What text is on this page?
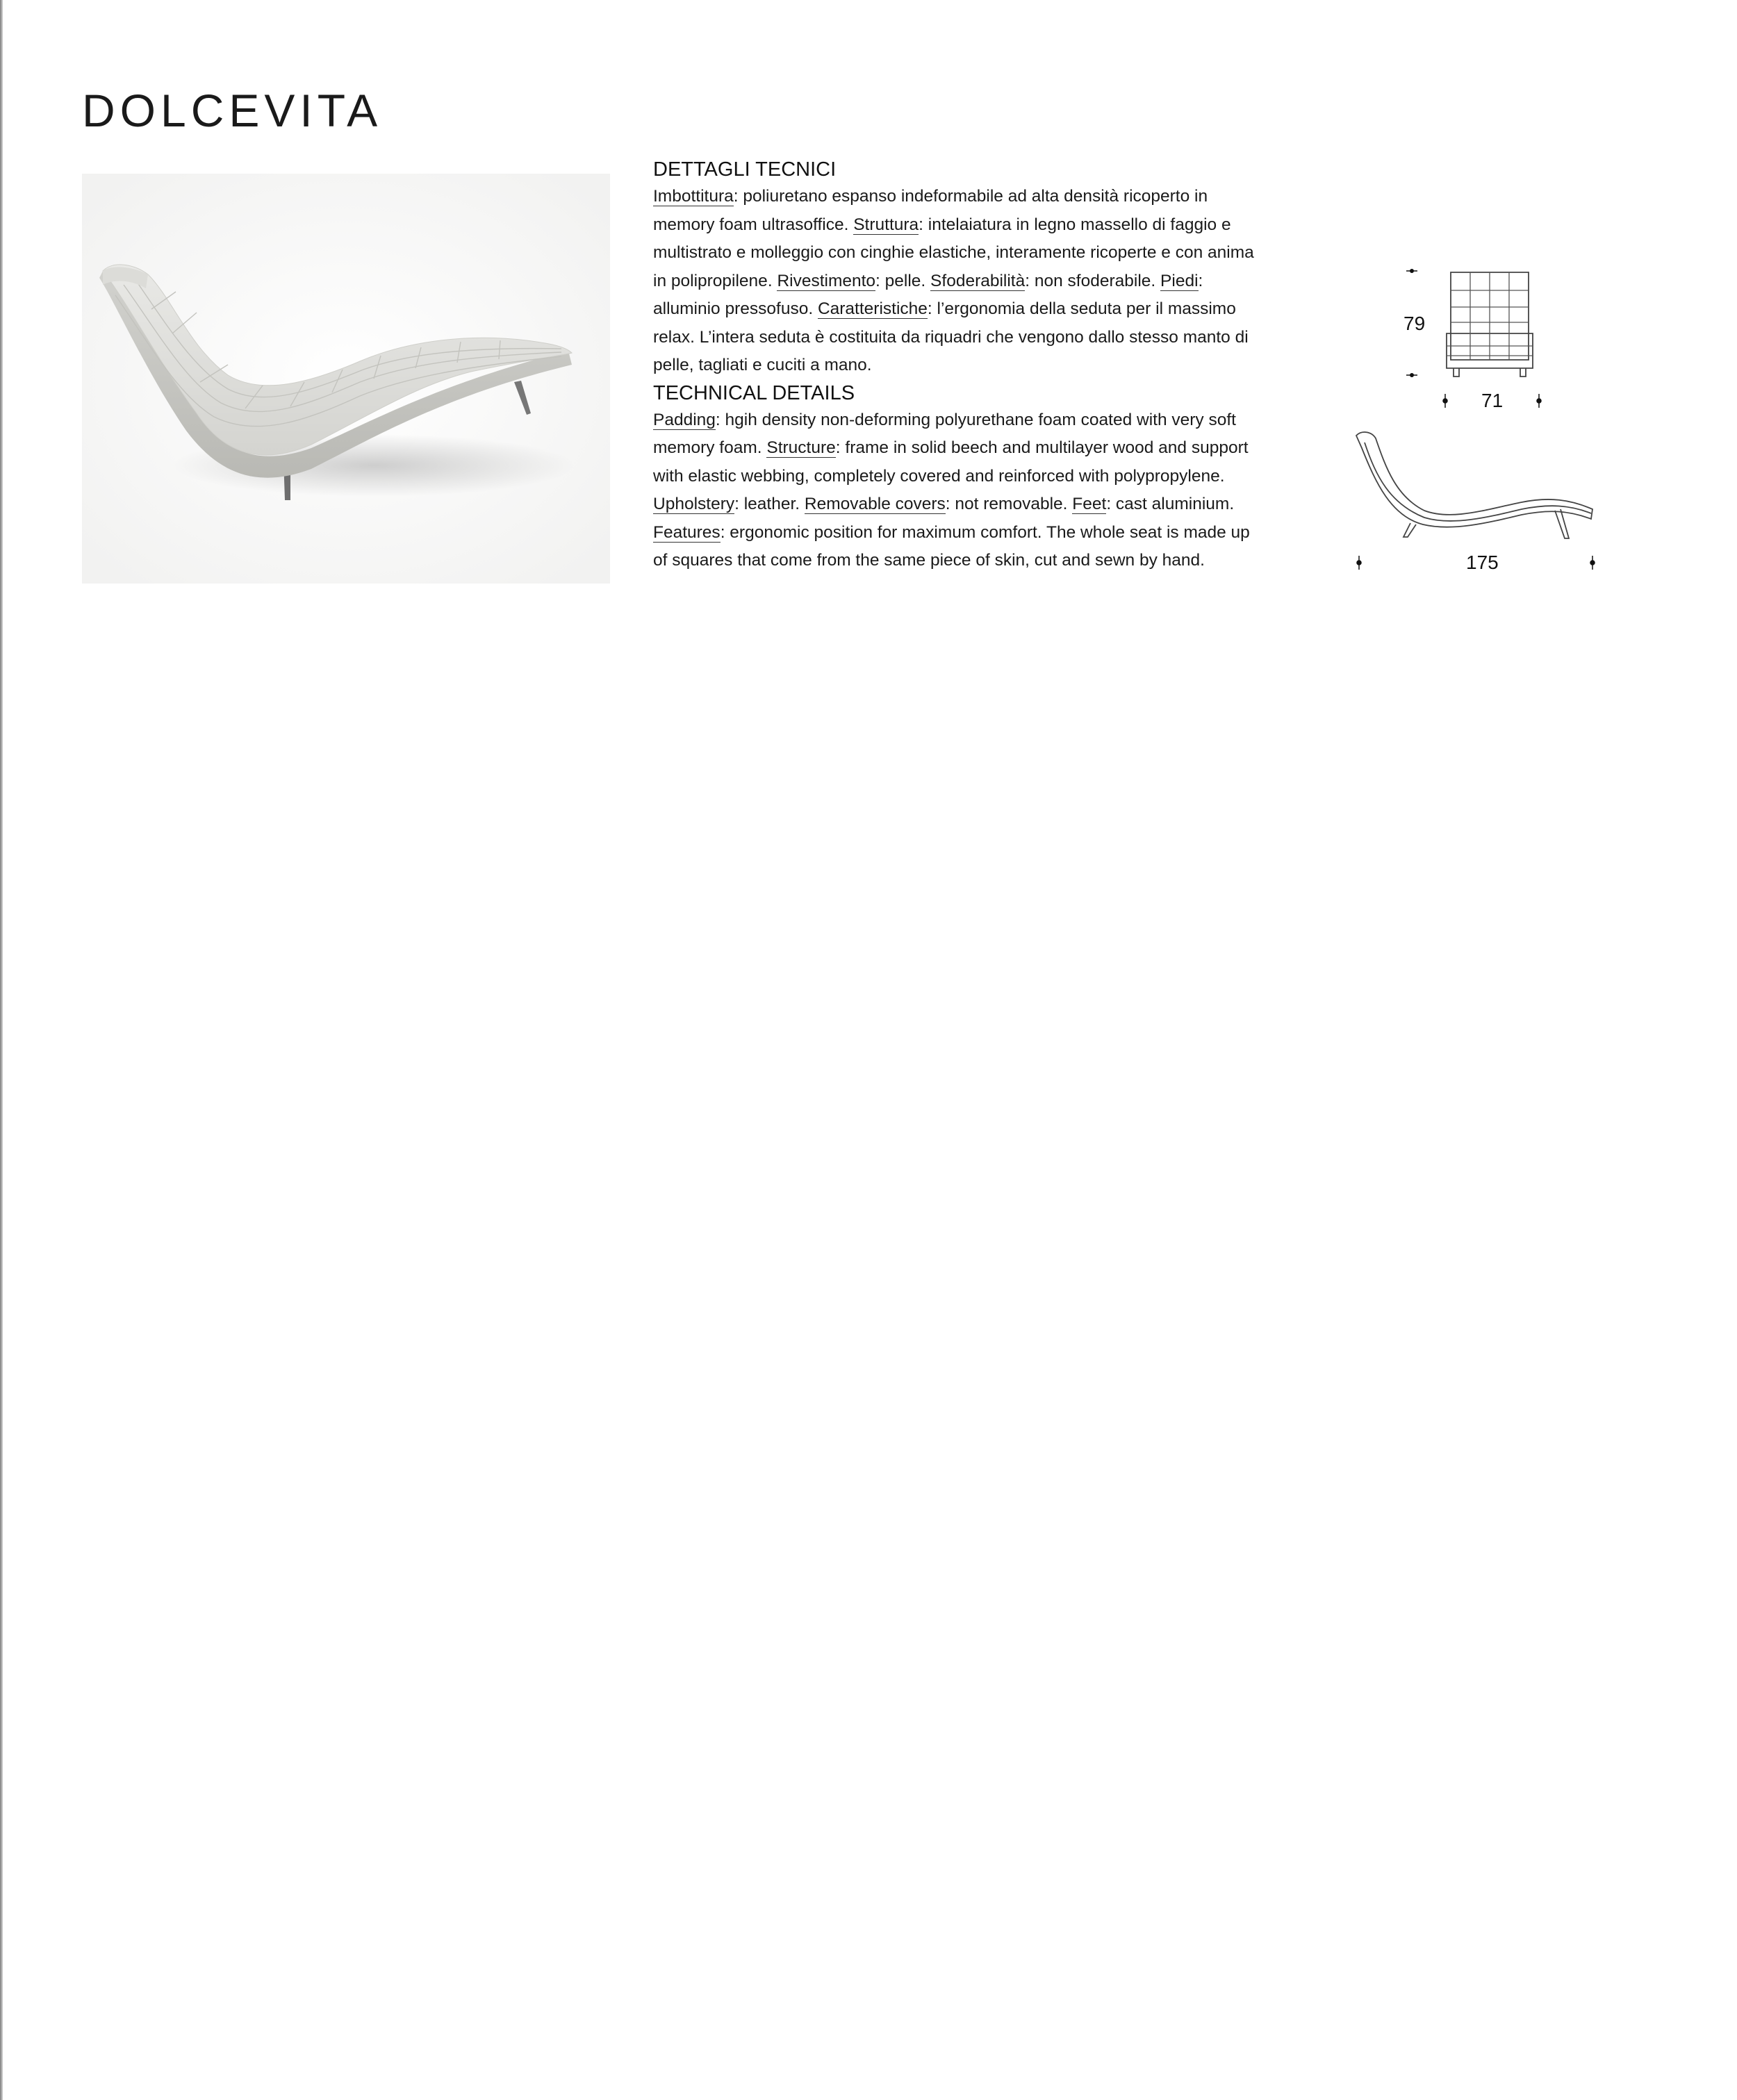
DOLCEVITA
DETTAGLI TECNICI

Imbottitura: poliuretano espanso indeformabile ad alta densità ricoperto in memory foam ultrasoffice. Struttura: intelaiatura in legno massello di faggio e multistrato e molleggio con cinghie elastiche, interamente ricoperte e con anima in polipropilene. Rivestimento: pelle. Sfoderabilità: non sfoderabile. Piedi: alluminio pressofuso. Caratteristiche: l’ergonomia della seduta per il massimo relax. L’intera seduta è costituita da riquadri che vengono dallo stesso manto di pelle, tagliati e cuciti a mano.

TECHNICAL DETAILS

Padding: hgih density non-deforming polyurethane foam coated with very soft memory foam. Structure: frame in solid beech and multilayer wood and support with elastic webbing, completely covered and reinforced with polypropylene. Upholstery: leather. Removable covers: not removable. Feet: cast aluminium. Features: ergonomic position for maximum comfort. The whole seat is made up of squares that come from the same piece of skin, cut and sewn by hand.

79
71
175
